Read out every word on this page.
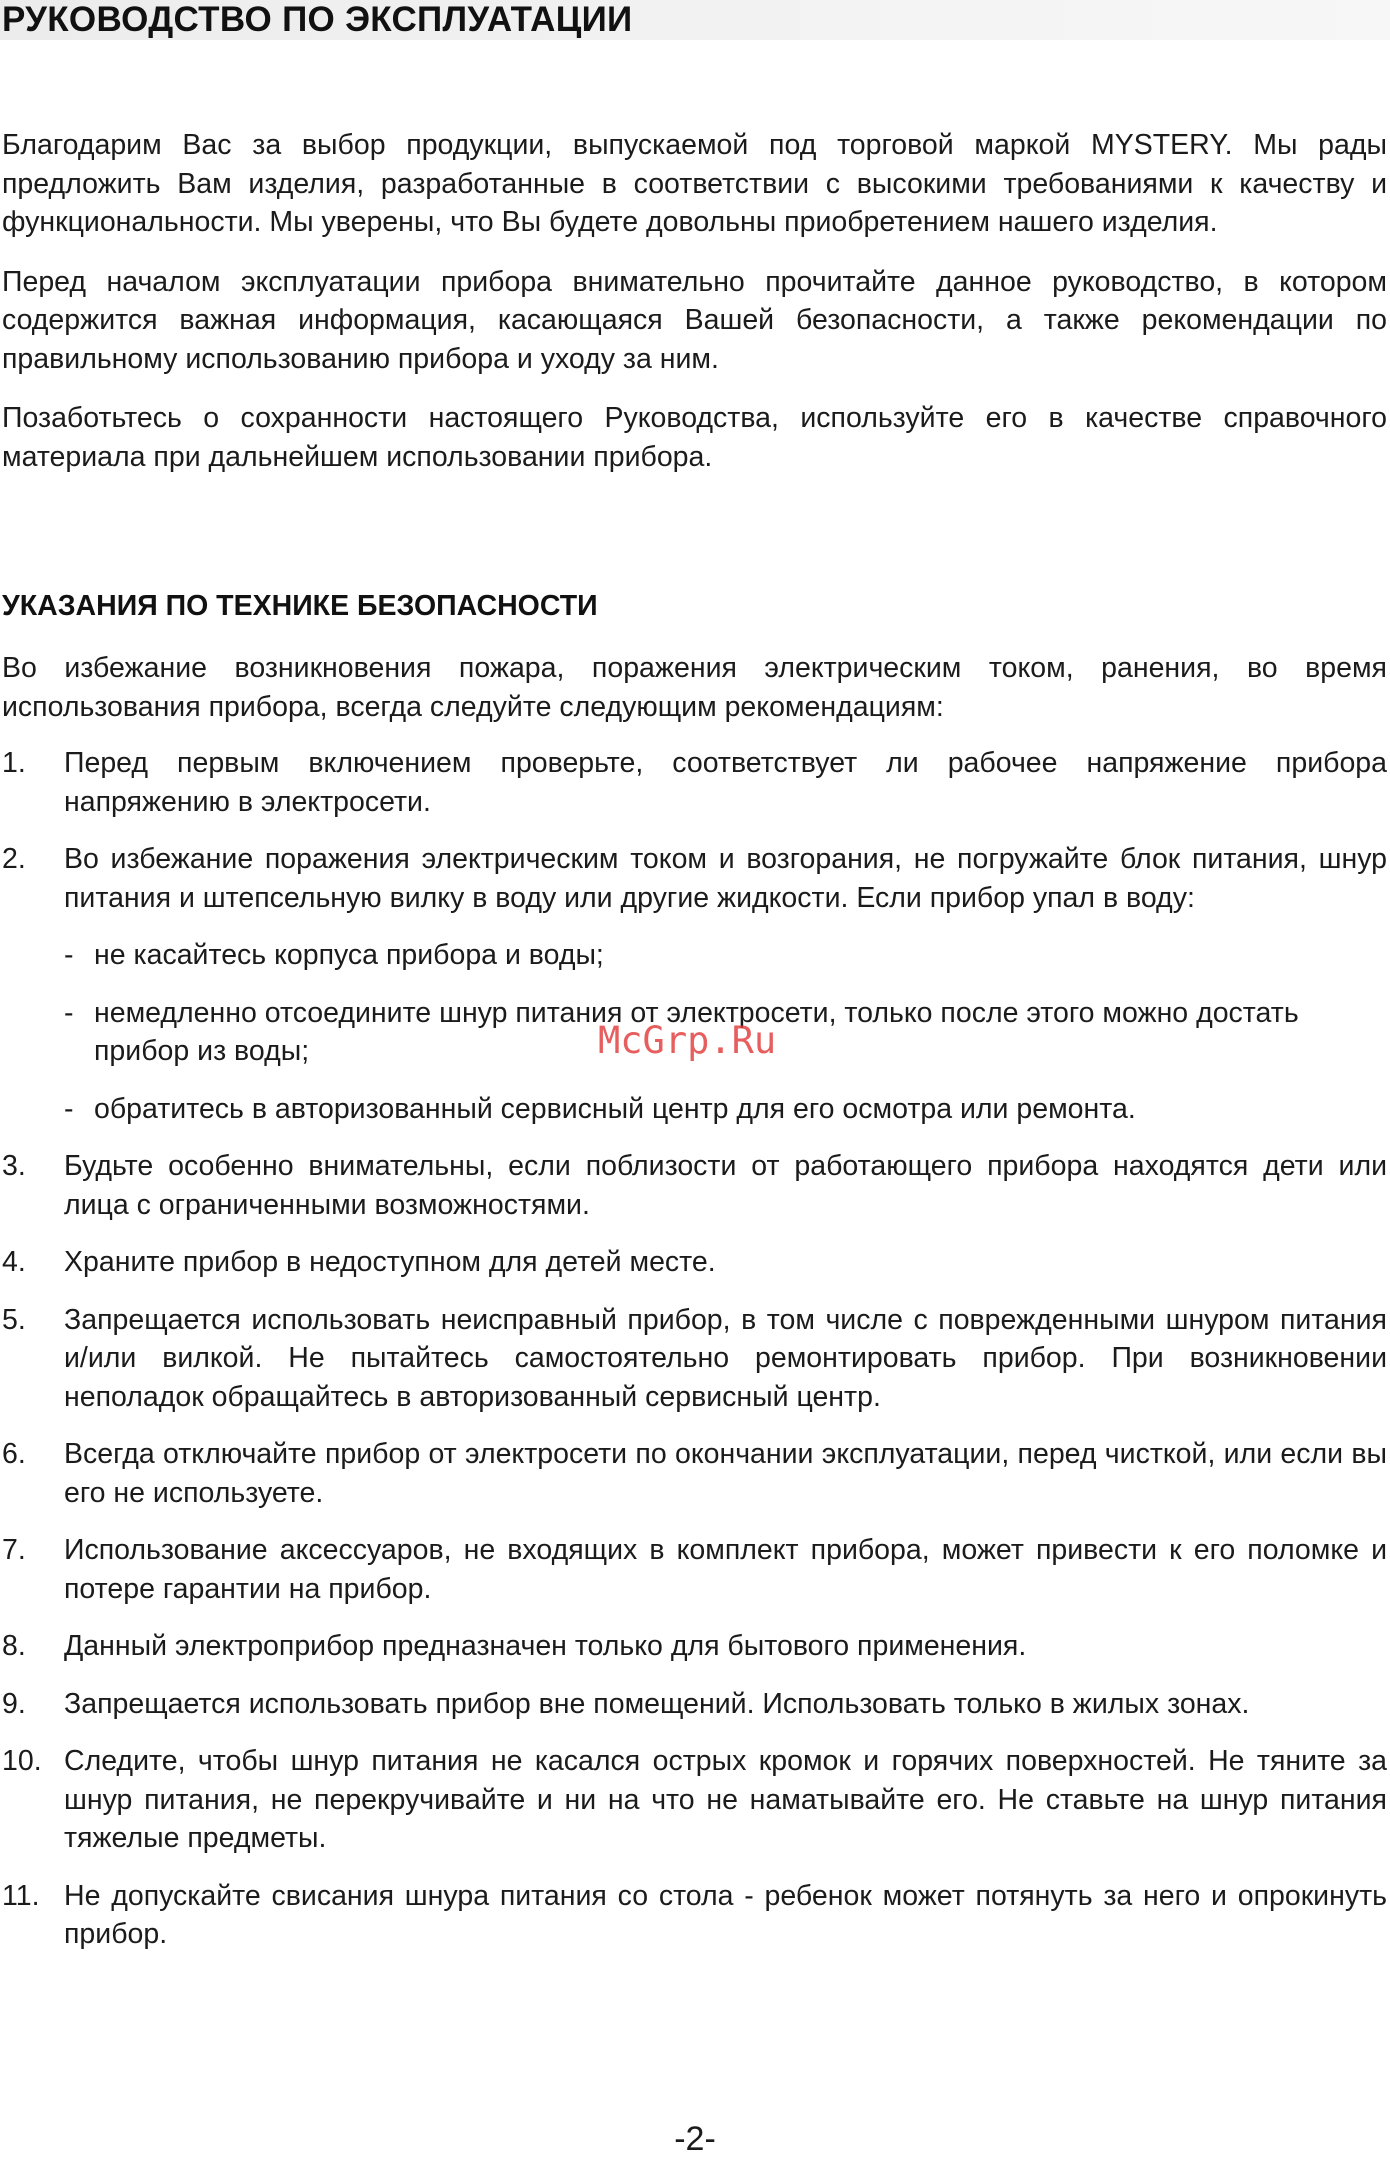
РУКОВОДСТВО ПО ЭКСПЛУАТАЦИИ

Благодарим Вас за выбор продукции, выпускаемой под торговой маркой MYSTERY. Мы рады предложить Вам изделия, разработанные в соответствии с высокими требованиями к качеству и функциональности. Мы уверены, что Вы будете довольны приобретением нашего изделия.

Перед началом эксплуатации прибора внимательно прочитайте данное руководство, в котором содержится важная информация, касающаяся Вашей безопасности, а также рекомендации по правильному использованию прибора и уходу за ним.

Позаботьтесь о сохранности настоящего Руководства, используйте его в качестве справочного материала при дальнейшем использовании прибора.

УКАЗАНИЯ ПО ТЕХНИКЕ БЕЗОПАСНОСТИ

Во избежание возникновения пожара, поражения электрическим током, ранения, во время использования прибора, всегда следуйте следующим рекомендациям:

1. Перед первым включением проверьте, соответствует ли рабочее напряжение прибора напряжению в электросети.
2. Во избежание поражения электрическим током и возгорания, не погружайте блок питания, шнур питания и штепсельную вилку в воду или другие жидкости. Если прибор упал в воду:
- не касайтесь корпуса прибора и воды;
- немедленно отсоедините шнур питания от электросети, только после этого можно достать прибор из воды;
- обратитесь в авторизованный сервисный центр для его осмотра или ремонта.
3. Будьте особенно внимательны, если поблизости от работающего прибора находятся дети или лица с ограниченными возможностями.
4. Храните прибор в недоступном для детей месте.
5. Запрещается использовать неисправный прибор, в том числе с поврежденными шнуром питания и/или вилкой. Не пытайтесь самостоятельно ремонтировать прибор. При возникновении неполадок обращайтесь в авторизованный сервисный центр.
6. Всегда отключайте прибор от электросети по окончании эксплуатации, перед чисткой, или если вы его не используете.
7. Использование аксессуаров, не входящих в комплект прибора, может привести к его поломке и потере гарантии на прибор.
8. Данный электроприбор предназначен только для бытового применения.
9. Запрещается использовать прибор вне помещений. Использовать только в жилых зонах.
10. Следите, чтобы шнур питания не касался острых кромок и горячих поверхностей. Не тяните за шнур питания, не перекручивайте и ни на что не наматывайте его. Не ставьте на шнур питания тяжелые предметы.
11. Не допускайте свисания шнура питания со стола - ребенок может потянуть за него и опрокинуть прибор.
McGrp.Ru
-2-
